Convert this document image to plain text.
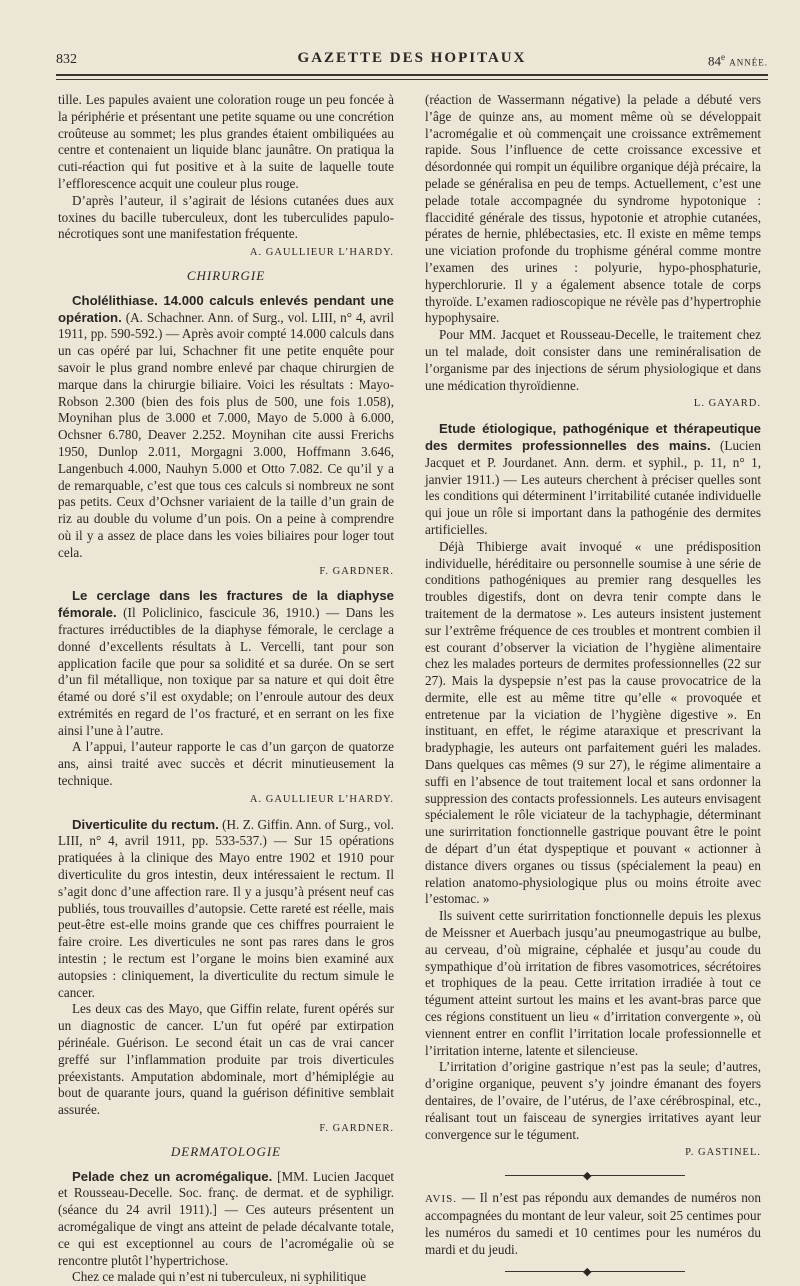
832	GAZETTE DES HOPITAUX	84e ANNÉE.

tille. Les papules avaient une coloration rouge un peu foncée à la périphérie et présentant une petite squame ou une concrétion croûteuse au sommet; les plus grandes étaient ombiliquées au centre et contenaient un liquide blanc jaunâtre. On pratiqua la cuti-réaction qui fut positive et à la suite de laquelle toute l’efflorescence acquit une couleur plus rouge.

D’après l’auteur, il s’agirait de lésions cutanées dues aux toxines du bacille tuberculeux, dont les tuberculides papulo-nécrotiques sont une manifestation fréquente.

A. GAULLIEUR L’HARDY.
CHIRURGIE

Cholélithiase. 14.000 calculs enlevés pendant une opération. (A. Schachner. Ann. of Surg., vol. LIII, n° 4, avril 1911, pp. 590-592.) — Après avoir compté 14.000 calculs dans un cas opéré par lui, Schachner fit une petite enquête pour savoir le plus grand nombre enlevé par chaque chirurgien de marque dans la chirurgie biliaire. Voici les résultats : Mayo-Robson 2.300 (bien des fois plus de 500, une fois 1.058), Moynihan plus de 3.000 et 7.000, Mayo de 5.000 à 6.000, Ochsner 6.780, Deaver 2.252. Moynihan cite aussi Frerichs 1950, Dunlop 2.011, Morgagni 3.000, Hoffmann 3.646, Langenbuch 4.000, Nauhyn 5.000 et Otto 7.082. Ce qu’il y a de remarquable, c’est que tous ces calculs si nombreux ne sont pas petits. Ceux d’Ochsner variaient de la taille d’un grain de riz au double du volume d’un pois. On a peine à comprendre où il y a assez de place dans les voies biliaires pour loger tout cela.

F. GARDNER.

Le cerclage dans les fractures de la diaphyse fémorale. (Il Policlinico, fascicule 36, 1910.) — Dans les fractures irréductibles de la diaphyse fémorale, le cerclage a donné d’excellents résultats à L. Vercelli, tant pour son application facile que pour sa solidité et sa durée. On se sert d’un fil métallique, non toxique par sa nature et qui doit être étamé ou doré s’il est oxydable; on l’enroule autour des deux extrémités en regard de l’os fracturé, et en serrant on les fixe ainsi l’une à l’autre.

A l’appui, l’auteur rapporte le cas d’un garçon de quatorze ans, ainsi traité avec succès et décrit minutieusement la technique.

A. GAULLIEUR L’HARDY.

Diverticulite du rectum. (H. Z. Giffin. Ann. of Surg., vol. LIII, n° 4, avril 1911, pp. 533-537.) — Sur 15 opérations pratiquées à la clinique des Mayo entre 1902 et 1910 pour diverticulite du gros intestin, deux intéressaient le rectum. Il s’agit donc d’une affection rare. Il y a jusqu’à présent neuf cas publiés, tous trouvailles d’autopsie. Cette rareté est réelle, mais peut-être est-elle moins grande que ces chiffres pourraient le faire croire. Les diverticules ne sont pas rares dans le gros intestin ; le rectum est l’organe le moins bien examiné aux autopsies : cliniquement, la diverticulite du rectum simule le cancer.

Les deux cas des Mayo, que Giffin relate, furent opérés sur un diagnostic de cancer. L’un fut opéré par extirpation périnéale. Guérison. Le second était un cas de vrai cancer greffé sur l’inflammation produite par trois diverticules préexistants. Amputation abdominale, mort d’hémiplégie au bout de quarante jours, quand la guérison définitive semblait assurée.

F. GARDNER.
DERMATOLOGIE

Pelade chez un acromégalique. [MM. Lucien Jacquet et Rousseau-Decelle. Soc. franç. de dermat. et de syphiligr. (séance du 24 avril 1911).] — Ces auteurs présentent un acromégalique de vingt ans atteint de pelade décalvante totale, ce qui est exceptionnel au cours de l’acromégalie où se rencontre plutôt l’hypertrichose.

Chez ce malade qui n’est ni tuberculeux, ni syphilitique

(réaction de Wassermann négative) la pelade a débuté vers l’âge de quinze ans, au moment même où se développait l’acromégalie et où commençait une croissance extrêmement rapide. Sous l’influence de cette croissance excessive et désordonnée qui rompit un équilibre organique déjà précaire, la pelade se généralisa en peu de temps. Actuellement, c’est une pelade totale accompagnée du syndrome hypotonique : flaccidité générale des tissus, hypotonie et atrophie cutanées, pérates de hernie, phlébectasies, etc. Il existe en même temps une viciation profonde du trophisme général comme montre l’examen des urines : polyurie, hypo-phosphaturie, hyperchlorurie. Il y a également absence totale de corps thyroïde. L’examen radioscopique ne révèle pas d’hypertrophie hypophysaire.

Pour MM. Jacquet et Rousseau-Decelle, le traitement chez un tel malade, doit consister dans une reminéralisation de l’organisme par des injections de sérum physiologique et dans une médication thyroïdienne.

L. GAYARD.

Etude étiologique, pathogénique et thérapeutique des dermites professionnelles des mains. (Lucien Jacquet et P. Jourdanet. Ann. derm. et syphil., p. 11, n° 1, janvier 1911.) — Les auteurs cherchent à préciser quelles sont les conditions qui déterminent l’irritabilité cutanée individuelle qui joue un rôle si important dans la pathogénie des dermites artificielles.

Déjà Thibierge avait invoqué « une prédisposition individuelle, héréditaire ou personnelle soumise à une série de conditions pathogéniques au premier rang desquelles les troubles digestifs, dont on devra tenir compte dans le traitement de la dermatose ». Les auteurs insistent justement sur l’extrême fréquence de ces troubles et montrent combien il est courant d’observer la viciation de l’hygiène alimentaire chez les malades porteurs de dermites professionnelles (22 sur 27). Mais la dyspepsie n’est pas la cause provocatrice de la dermite, elle est au même titre qu’elle « provoquée et entretenue par la viciation de l’hygiène digestive ». En instituant, en effet, le régime ataraxique et prescrivant la bradyphagie, les auteurs ont parfaitement guéri les malades. Dans quelques cas mêmes (9 sur 27), le régime alimentaire a suffi en l’absence de tout traitement local et sans ordonner la suppression des contacts professionnels. Les auteurs envisagent spécialement le rôle viciateur de la tachyphagie, déterminant une surirritation fonctionnelle gastrique pouvant être le point de départ d’un état dyspeptique et pouvant « actionner à distance divers organes ou tissus (spécialement la peau) en relation anatomo-physiologique plus ou moins étroite avec l’estomac. »

Ils suivent cette surirritation fonctionnelle depuis les plexus de Meissner et Auerbach jusqu’au pneumogastrique au bulbe, au cerveau, d’où migraine, céphalée et jusqu’au coude du sympathique d’où irritation de fibres vasomotrices, sécrétoires et trophiques de la peau. Cette irritation irradiée à tout ce tégument atteint surtout les mains et les avant-bras parce que ces régions constituent un lieu « d’irritation convergente », où viennent entrer en conflit l’irritation locale professionnelle et l’irritation interne, latente et silencieuse.

L’irritation d’origine gastrique n’est pas la seule; d’autres, d’origine organique, peuvent s’y joindre émanant des foyers dentaires, de l’ovaire, de l’utérus, de l’axe cérébrospinal, etc., réalisant tout un faisceau de synergies irritatives ayant leur convergence sur le tégument.

P. GASTINEL.
◆

AVIS. — Il n’est pas répondu aux demandes de numéros non accompagnées du montant de leur valeur, soit 25 centimes pour les numéros du samedi et 10 centimes pour les numéros du mardi et du jeudi.

◆
